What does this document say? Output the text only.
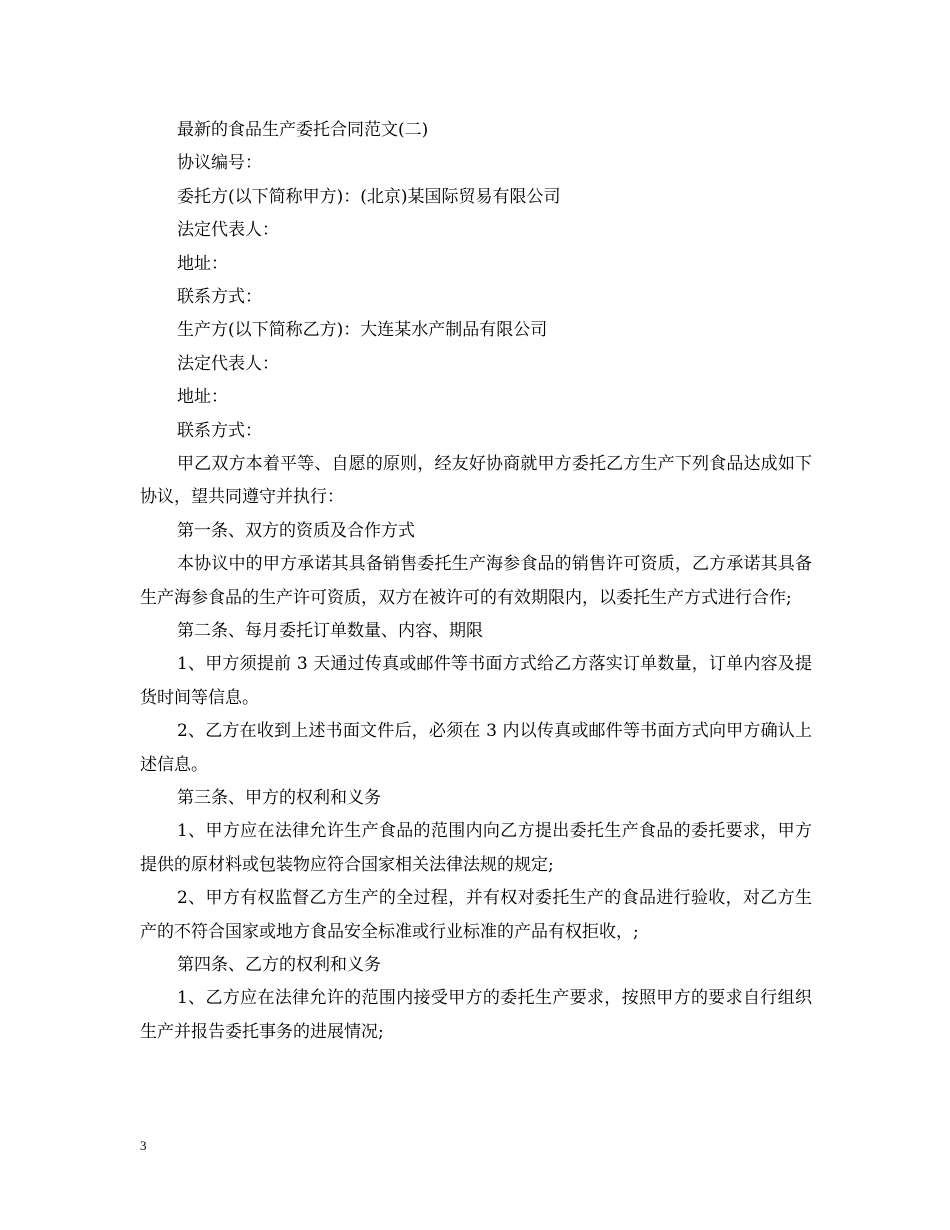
最新的食品生产委托合同范文(二)

协议编号：

委托方(以下简称甲方)：(北京)某国际贸易有限公司

法定代表人：

地址：

联系方式：

生产方(以下简称乙方)：大连某水产制品有限公司

法定代表人：

地址：

联系方式：

甲乙双方本着平等、自愿的原则，经友好协商就甲方委托乙方生产下列食品达成如下协议，望共同遵守并执行：

第一条、双方的资质及合作方式

本协议中的甲方承诺其具备销售委托生产海参食品的销售许可资质，乙方承诺其具备生产海参食品的生产许可资质，双方在被许可的有效期限内，以委托生产方式进行合作;

第二条、每月委托订单数量、内容、期限

1、甲方须提前 3 天通过传真或邮件等书面方式给乙方落实订单数量，订单内容及提货时间等信息。

2、乙方在收到上述书面文件后，必须在 3 内以传真或邮件等书面方式向甲方确认上述信息。

第三条、甲方的权利和义务

1、甲方应在法律允许生产食品的范围内向乙方提出委托生产食品的委托要求，甲方提供的原材料或包装物应符合国家相关法律法规的规定;

2、甲方有权监督乙方生产的全过程，并有权对委托生产的食品进行验收，对乙方生产的不符合国家或地方食品安全标准或行业标准的产品有权拒收，;

第四条、乙方的权利和义务

1、乙方应在法律允许的范围内接受甲方的委托生产要求，按照甲方的要求自行组织生产并报告委托事务的进展情况;

3
